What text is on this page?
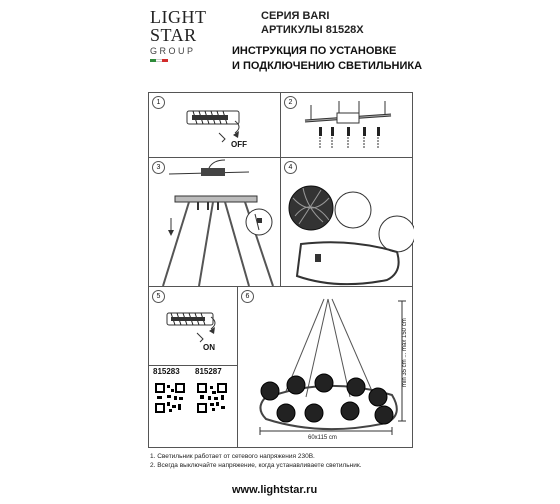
LIGHT
STAR
GROUP
СЕРИЯ BARI
АРТИКУЛЫ 81528X
ИНСТРУКЦИЯ ПО УСТАНОВКЕ
И ПОДКЛЮЧЕНИЮ СВЕТИЛЬНИКА
1
OFF
2
3	4
5
ON
6
min 35 cm ... max 150 cm
60x115 cm
815283 815287
1. Светильник работает от сетевого напряжения 230В.
2. Всегда выключайте напряжение, когда устанавливаете светильник.
www.lightstar.ru
